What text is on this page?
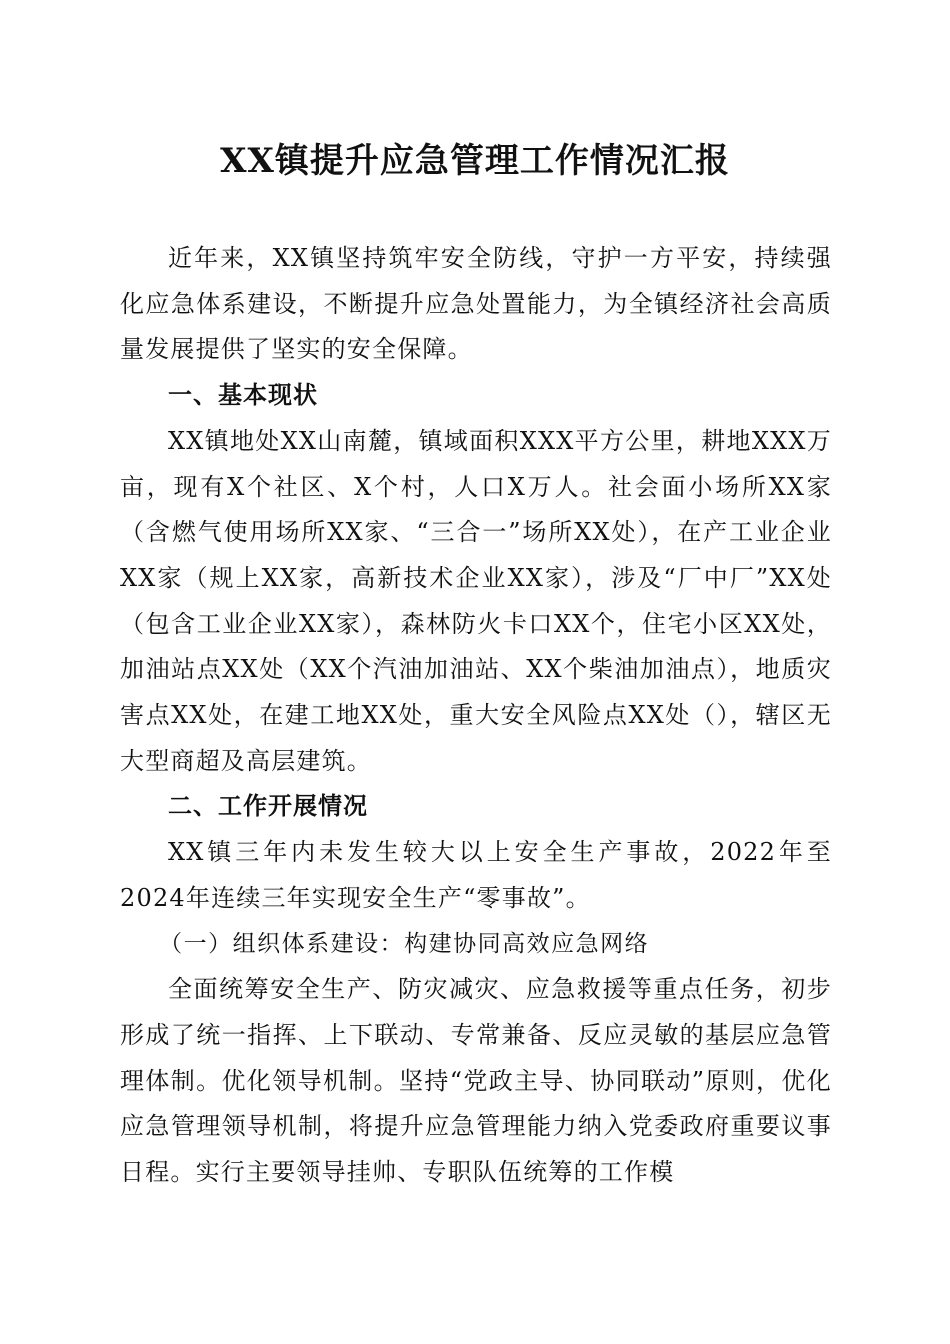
XX镇提升应急管理工作情况汇报

近年来，XX镇坚持筑牢安全防线，守护一方平安，持续强化应急体系建设，不断提升应急处置能力，为全镇经济社会高质量发展提供了坚实的安全保障。

一、基本现状

XX镇地处XX山南麓，镇域面积XXX平方公里，耕地XXX万亩，现有X个社区、X个村，人口X万人。社会面小场所XX家（含燃气使用场所XX家、“三合一”场所XX处），在产工业企业XX家（规上XX家，高新技术企业XX家），涉及“厂中厂”XX处（包含工业企业XX家），森林防火卡口XX个，住宅小区XX处，加油站点XX处（XX个汽油加油站、XX个柴油加油点），地质灾害点XX处，在建工地XX处，重大安全风险点XX处（），辖区无大型商超及高层建筑。

二、工作开展情况

XX镇三年内未发生较大以上安全生产事故，2022年至2024年连续三年实现安全生产“零事故”。

（一）组织体系建设：构建协同高效应急网络

全面统筹安全生产、防灾减灾、应急救援等重点任务，初步形成了统一指挥、上下联动、专常兼备、反应灵敏的基层应急管理体制。优化领导机制。坚持“党政主导、协同联动”原则，优化应急管理领导机制，将提升应急管理能力纳入党委政府重要议事日程。实行主要领导挂帅、专职队伍统筹的工作模
